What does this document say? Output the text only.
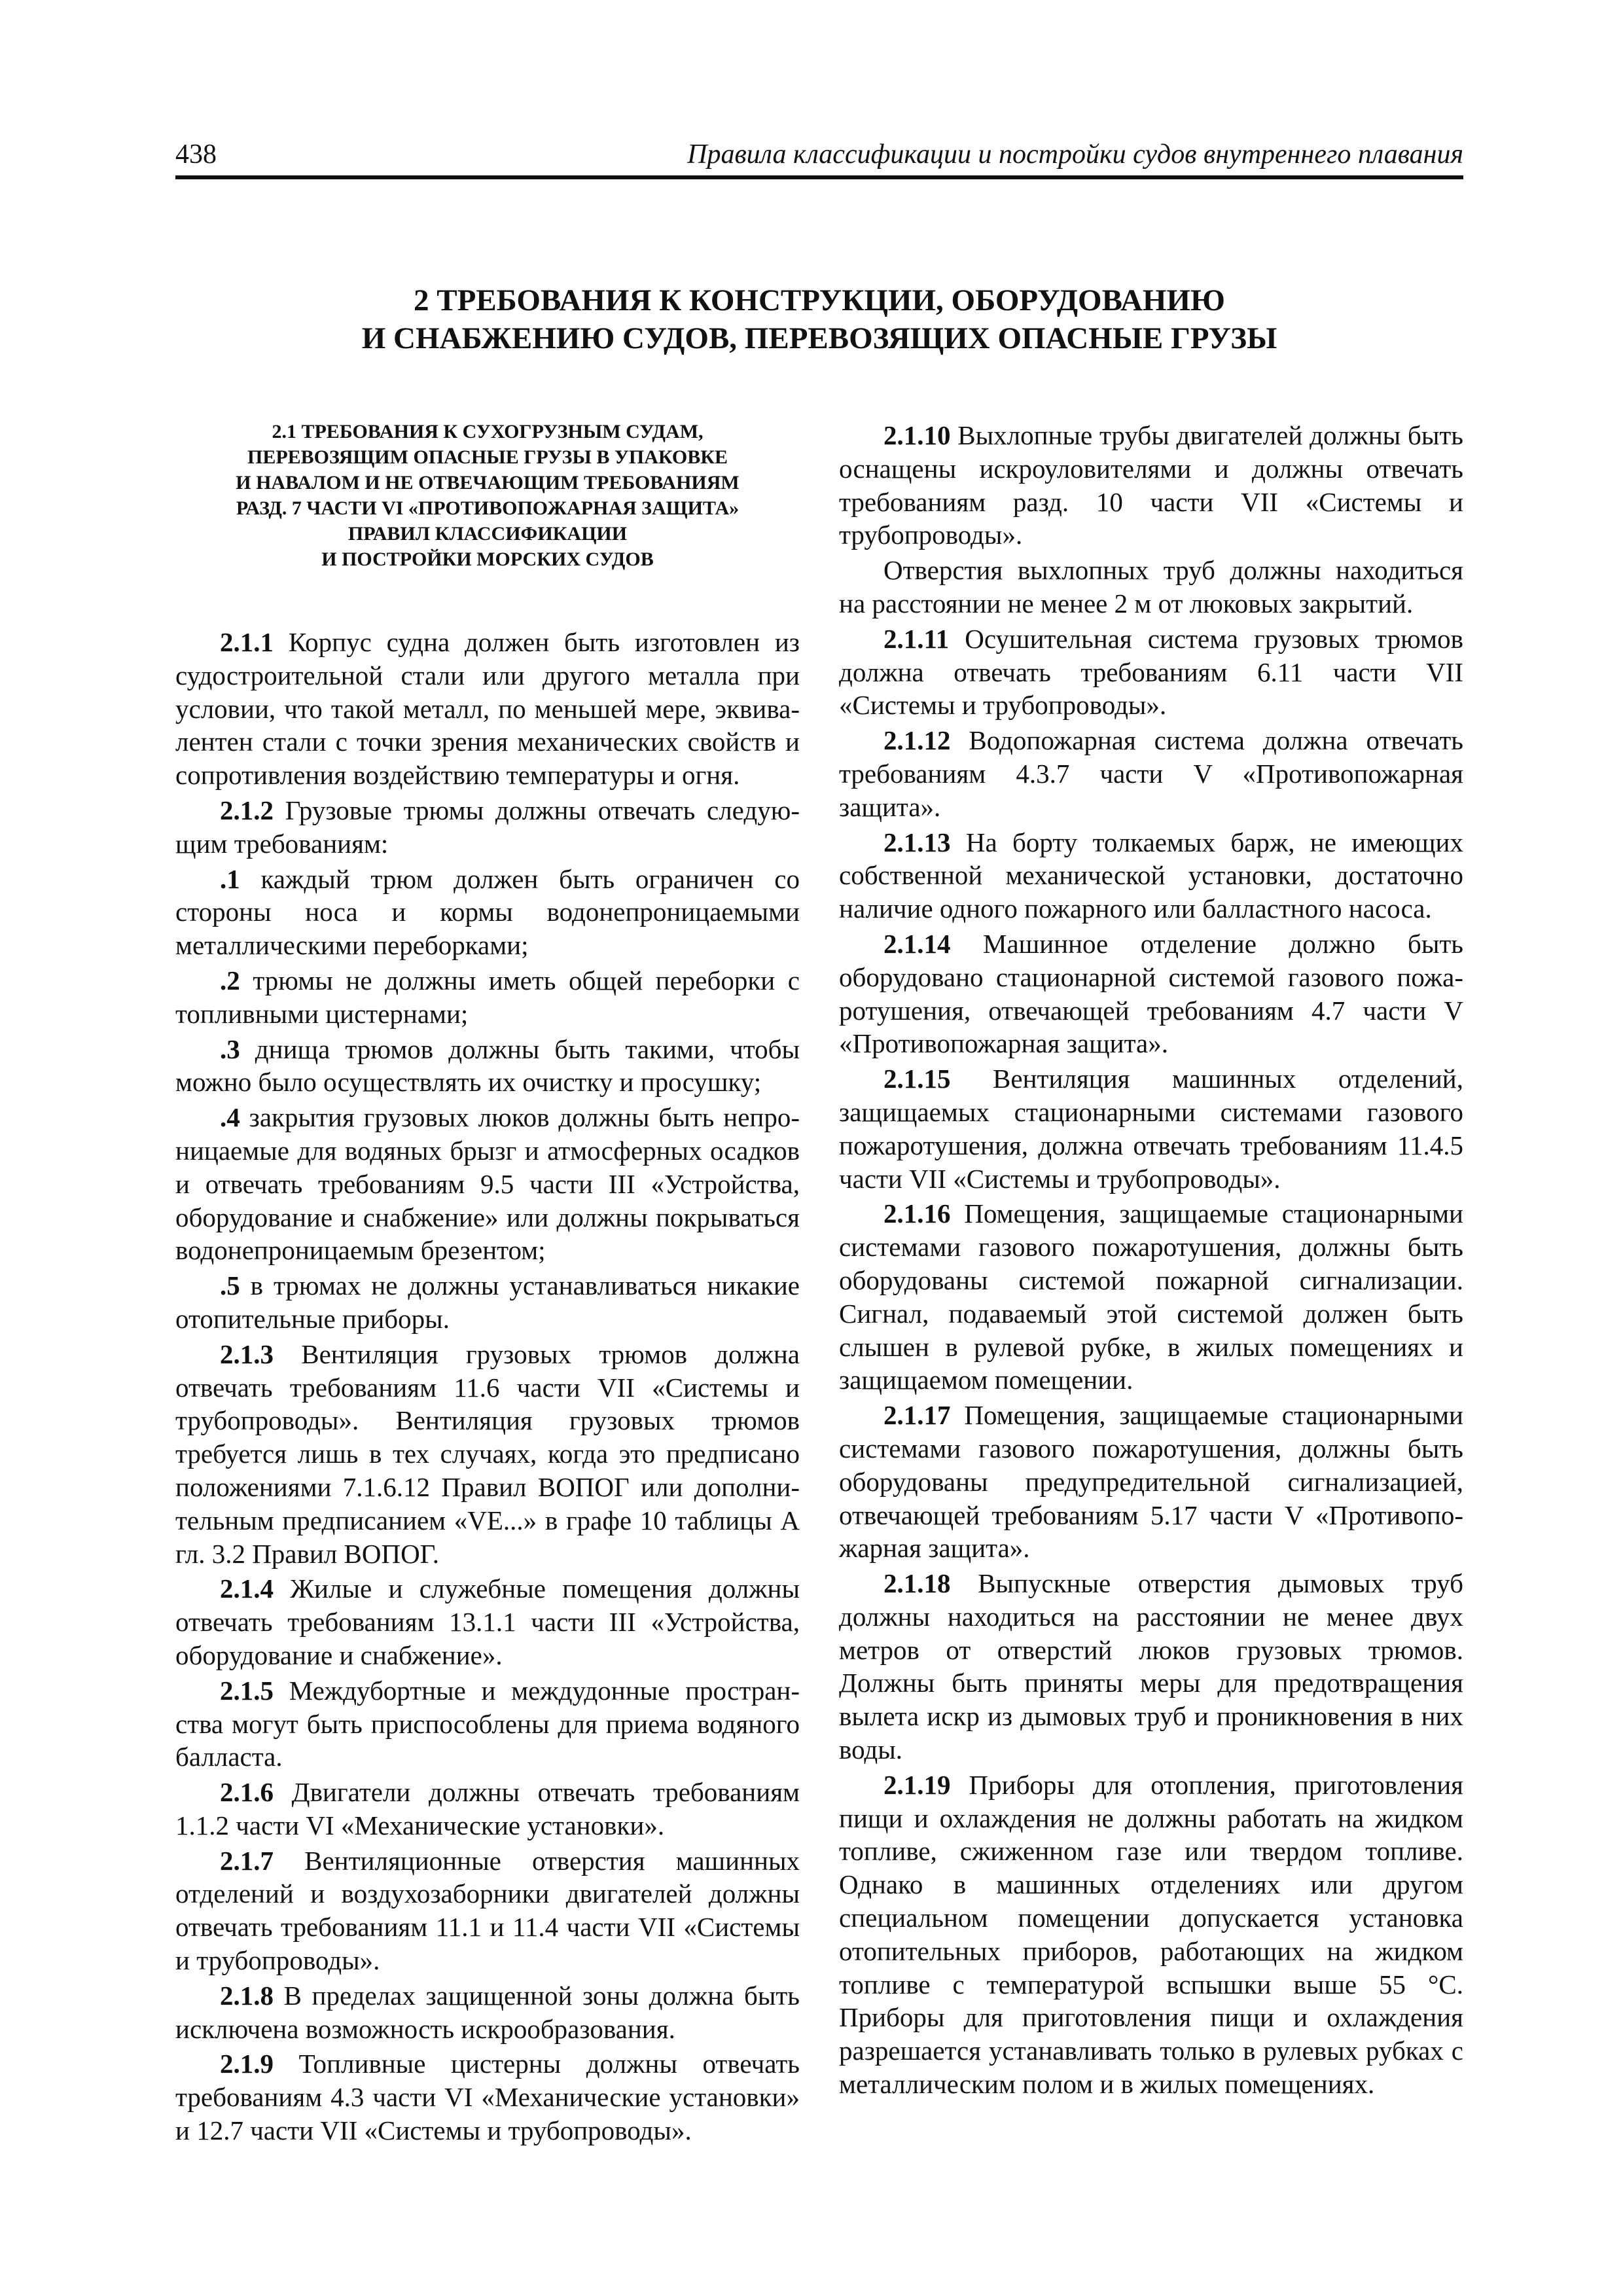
438	Правила классификации и постройки судов внутреннего плавания
2 ТРЕБОВАНИЯ К КОНСТРУКЦИИ, ОБОРУДОВАНИЮ
И СНАБЖЕНИЮ СУДОВ, ПЕРЕВОЗЯЩИХ ОПАСНЫЕ ГРУЗЫ
2.1 ТРЕБОВАНИЯ К СУХОГРУЗНЫМ СУДАМ,
ПЕРЕВОЗЯЩИМ ОПАСНЫЕ ГРУЗЫ В УПАКОВКЕ
И НАВАЛОМ И НЕ ОТВЕЧАЮЩИМ ТРЕБОВАНИЯМ
РАЗД. 7 ЧАСТИ VI «ПРОТИВОПОЖАРНАЯ ЗАЩИТА»
ПРАВИЛ КЛАССИФИКАЦИИ
И ПОСТРОЙКИ МОРСКИХ СУДОВ

2.1.1 Корпус судна должен быть изготовлен из судостроительной стали или другого металла при условии, что такой металл, по меньшей мере, эквивалентен стали с точки зрения механических свойств и сопротивления воздействию температуры и огня.

2.1.2 Грузовые трюмы должны отвечать следующим требованиям:

.1 каждый трюм должен быть ограничен со стороны носа и кормы водонепроницаемыми металлическими переборками;

.2 трюмы не должны иметь общей переборки с топливными цистернами;

.3 днища трюмов должны быть такими, чтобы можно было осуществлять их очистку и просушку;

.4 закрытия грузовых люков должны быть непроницаемые для водяных брызг и атмосферных осадков и отвечать требованиям 9.5 части III «Устройства, оборудование и снабжение» или должны покрываться водонепроницаемым брезентом;

.5 в трюмах не должны устанавливаться никакие отопительные приборы.

2.1.3 Вентиляция грузовых трюмов должна отвечать требованиям 11.6 части VII «Системы и трубопроводы». Вентиляция грузовых трюмов требуется лишь в тех случаях, когда это предписано положениями 7.1.6.12 Правил ВОПОГ или дополнительным предписанием «VE...» в графе 10 таблицы А гл. 3.2 Правил ВОПОГ.

2.1.4 Жилые и служебные помещения должны отвечать требованиям 13.1.1 части III «Устройства, оборудование и снабжение».

2.1.5 Междубортные и междудонные пространства могут быть приспособлены для приема водяного балласта.

2.1.6 Двигатели должны отвечать требованиям 1.1.2 части VI «Механические установки».

2.1.7 Вентиляционные отверстия машинных отделений и воздухозаборники двигателей должны отвечать требованиям 11.1 и 11.4 части VII «Системы и трубопроводы».

2.1.8 В пределах защищенной зоны должна быть исключена возможность искрообразования.

2.1.9 Топливные цистерны должны отвечать требованиям 4.3 части VI «Механические установки» и 12.7 части VII «Системы и трубопроводы».

2.1.10 Выхлопные трубы двигателей должны быть оснащены искроуловителями и должны отвечать требованиям разд. 10 части VII «Системы и трубопроводы».

Отверстия выхлопных труб должны находиться на расстоянии не менее 2 м от люковых закрытий.

2.1.11 Осушительная система грузовых трюмов должна отвечать требованиям 6.11 части VII «Системы и трубопроводы».

2.1.12 Водопожарная система должна отвечать требованиям 4.3.7 части V «Противопожарная защита».

2.1.13 На борту толкаемых барж, не имеющих собственной механической установки, достаточно наличие одного пожарного или балластного насоса.

2.1.14 Машинное отделение должно быть оборудовано стационарной системой газового пожаротушения, отвечающей требованиям 4.7 части V «Противопожарная защита».

2.1.15 Вентиляция машинных отделений, защищаемых стационарными системами газового пожаротушения, должна отвечать требованиям 11.4.5 части VII «Системы и трубопроводы».

2.1.16 Помещения, защищаемые стационарными системами газового пожаротушения, должны быть оборудованы системой пожарной сигнализации. Сигнал, подаваемый этой системой должен быть слышен в рулевой рубке, в жилых помещениях и защищаемом помещении.

2.1.17 Помещения, защищаемые стационарными системами газового пожаротушения, должны быть оборудованы предупредительной сигнализацией, отвечающей требованиям 5.17 части V «Противопожарная защита».

2.1.18 Выпускные отверстия дымовых труб должны находиться на расстоянии не менее двух метров от отверстий люков грузовых трюмов. Должны быть приняты меры для предотвращения вылета искр из дымовых труб и проникновения в них воды.

2.1.19 Приборы для отопления, приготовления пищи и охлаждения не должны работать на жидком топливе, сжиженном газе или твердом топливе. Однако в машинных отделениях или другом специальном помещении допускается установка отопительных приборов, работающих на жидком топливе с температурой вспышки выше 55 °С. Приборы для приготовления пищи и охлаждения разрешается устанавливать только в рулевых рубках с металлическим полом и в жилых помещениях.
